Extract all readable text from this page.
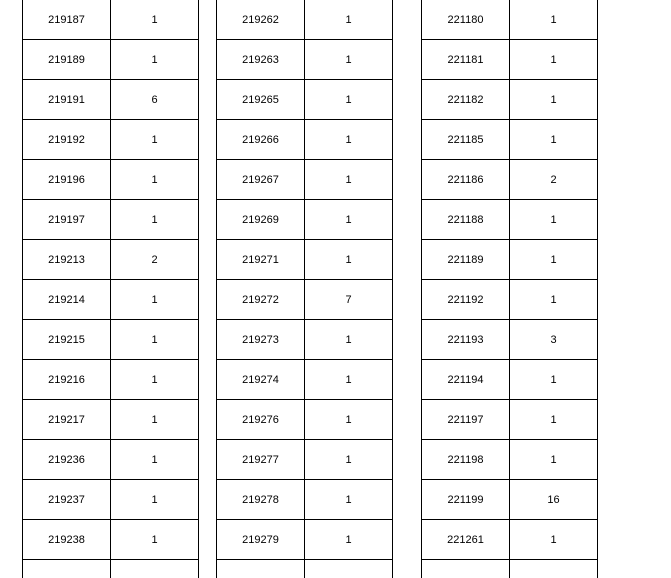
219187	1
219189	1
219191	6
219192	1
219196	1
219197	1
219213	2
219214	1
219215	1
219216	1
219217	1
219236	1
219237	1
219238	1

219262	1
219263	1
219265	1
219266	1
219267	1
219269	1
219271	1
219272	7
219273	1
219274	1
219276	1
219277	1
219278	1
219279	1

221180	1
221181	1
221182	1
221185	1
221186	2
221188	1
221189	1
221192	1
221193	3
221194	1
221197	1
221198	1
221199	16
221261	1
